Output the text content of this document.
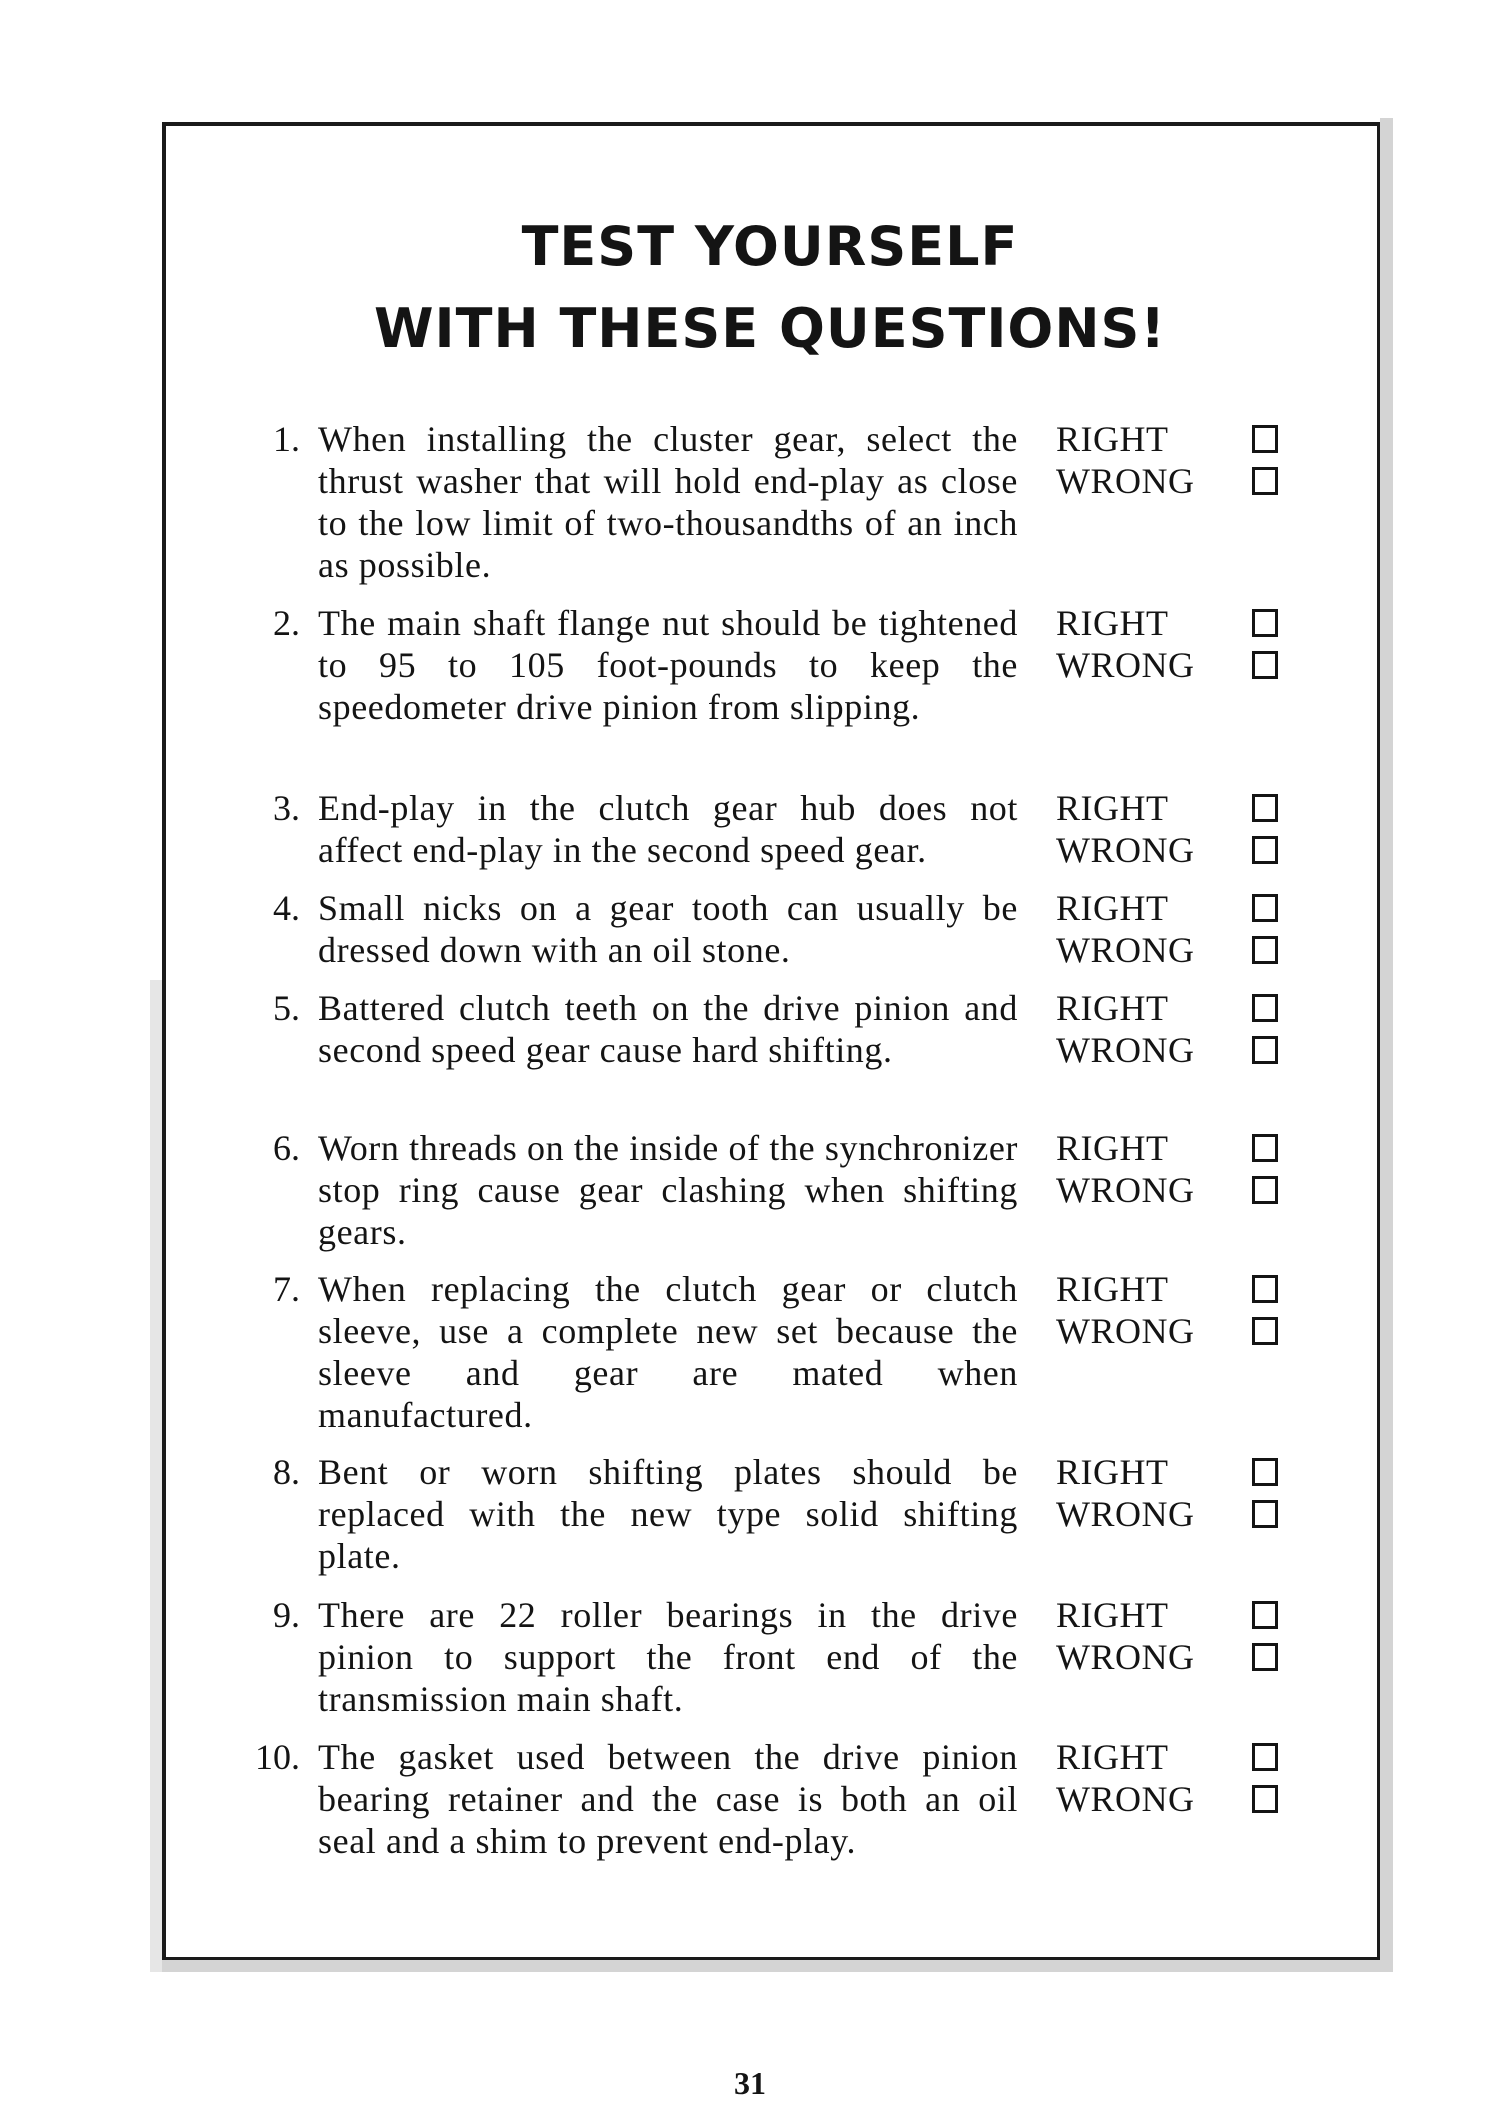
TEST YOURSELF
WITH THESE QUESTIONS!
1. When installing the cluster gear, select the thrust washer that will hold end-play as close to the low limit of two-thousandths of an inch as possible.

RIGHT
WRONG
2. The main shaft flange nut should be tightened to 95 to 105 foot-pounds to keep the speedometer drive pinion from slipping.

RIGHT
WRONG
3. End-play in the clutch gear hub does not affect end-play in the second speed gear.

RIGHT
WRONG
4. Small nicks on a gear tooth can usually be dressed down with an oil stone.

RIGHT
WRONG
5. Battered clutch teeth on the drive pinion and second speed gear cause hard shifting.

RIGHT
WRONG
6. Worn threads on the inside of the synchronizer stop ring cause gear clashing when shifting gears.

RIGHT
WRONG
7. When replacing the clutch gear or clutch sleeve, use a complete new set because the sleeve and gear are mated when manufactured.

RIGHT
WRONG
8. Bent or worn shifting plates should be replaced with the new type solid shifting plate.

RIGHT
WRONG
9. There are 22 roller bearings in the drive pinion to support the front end of the transmission main shaft.

RIGHT
WRONG
10. The gasket used between the drive pinion bearing retainer and the case is both an oil seal and a shim to prevent end-play.

RIGHT
WRONG
31
